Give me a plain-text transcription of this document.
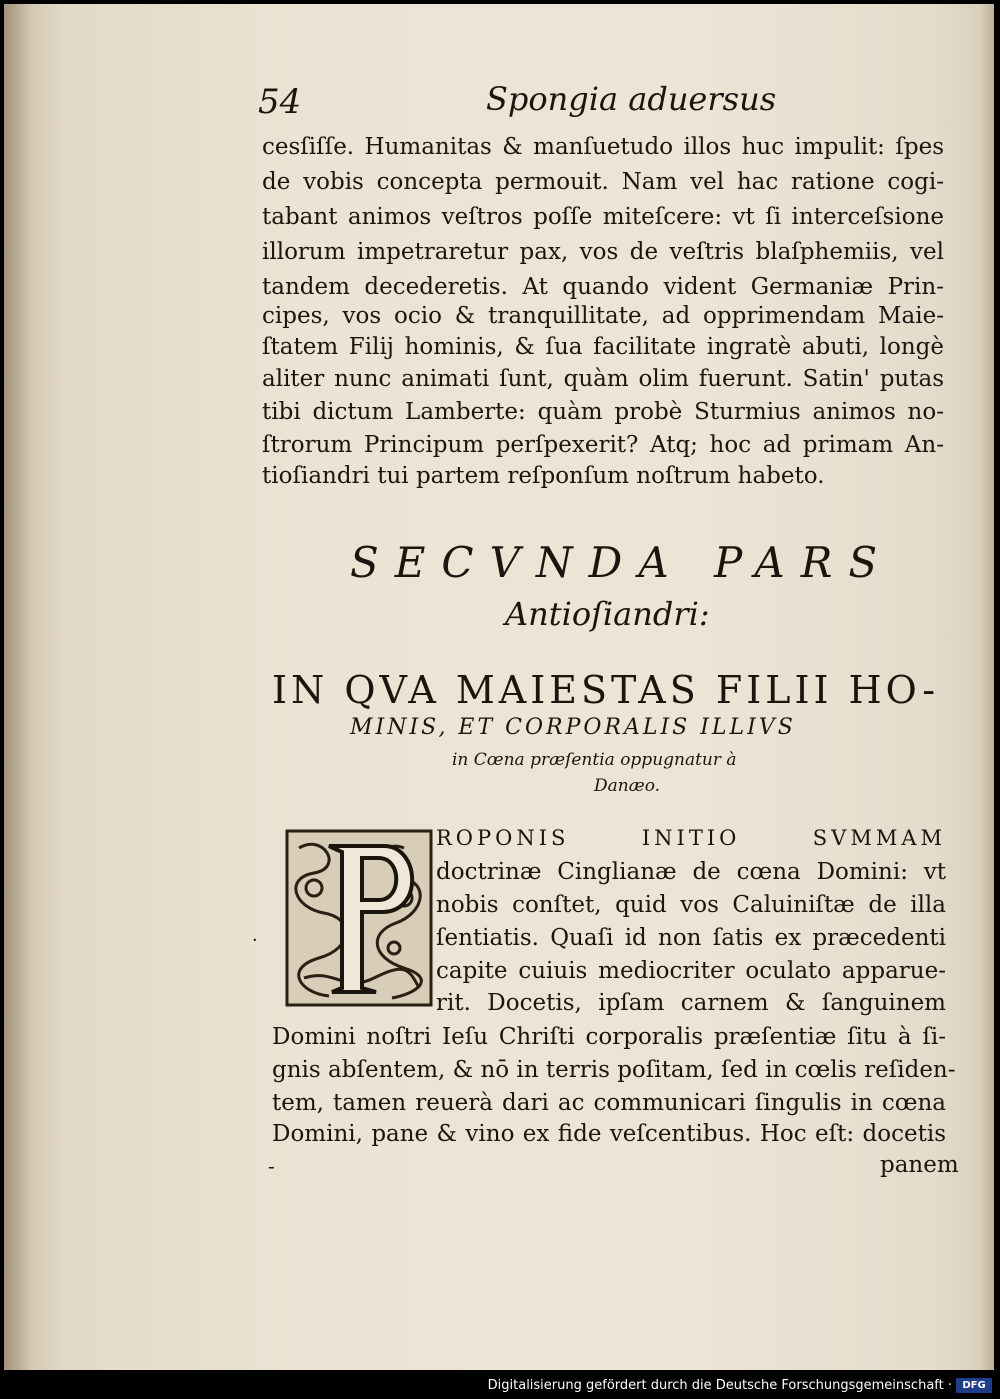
54	Spongia aduersus
cesſiſſe. Humanitas & manſuetudo illos huc impulit: ſpes
de vobis concepta permouit. Nam vel hac ratione cogi-
tabant animos veſtros poſſe miteſcere: vt ſi interceſsione
illorum impetraretur pax, vos de veſtris blaſphemiis, vel
tandem decederetis. At quando vident Germaniæ Prin-
cipes, vos ocio & tranquillitate, ad opprimendam Maie-
ſtatem Filij hominis, & ſua facilitate ingratè abuti, longè
aliter nunc animati ſunt, quàm olim fuerunt. Satin' putas
tibi dictum Lamberte: quàm probè Sturmius animos no-
ſtrorum Principum perſpexerit? Atq; hoc ad primam An-
tioſiandri tui partem reſponſum noſtrum habeto.
SECVNDA PARS
Antioſiandri:
IN QVA MAIESTAS FILII HO-
MINIS, ET CORPORALIS ILLIVS
in Cœna præſentia oppugnatur à
Danæo.
P
ROPONIS INITIO SVMMAM
doctrinæ Cinglianæ de cœna Domini: vt
nobis conſtet, quid vos Caluiniſtæ de illa
ſentiatis. Quaſi id non ſatis ex præcedenti
capite cuiuis mediocriter oculato apparue-
rit. Docetis, ipſam carnem & ſanguinem
Domini noſtri Ieſu Chriſti corporalis præſentiæ ſitu à ſi-
gnis abſentem, & nō in terris poſitam, ſed in cœlis reſiden-
tem, tamen reuerà dari ac communicari ſingulis in cœna
Domini, pane & vino ex fide veſcentibus. Hoc eſt: docetis
-
·
panem
Digitalisierung gefördert durch die Deutsche Forschungsgemeinschaft ·	DFG
